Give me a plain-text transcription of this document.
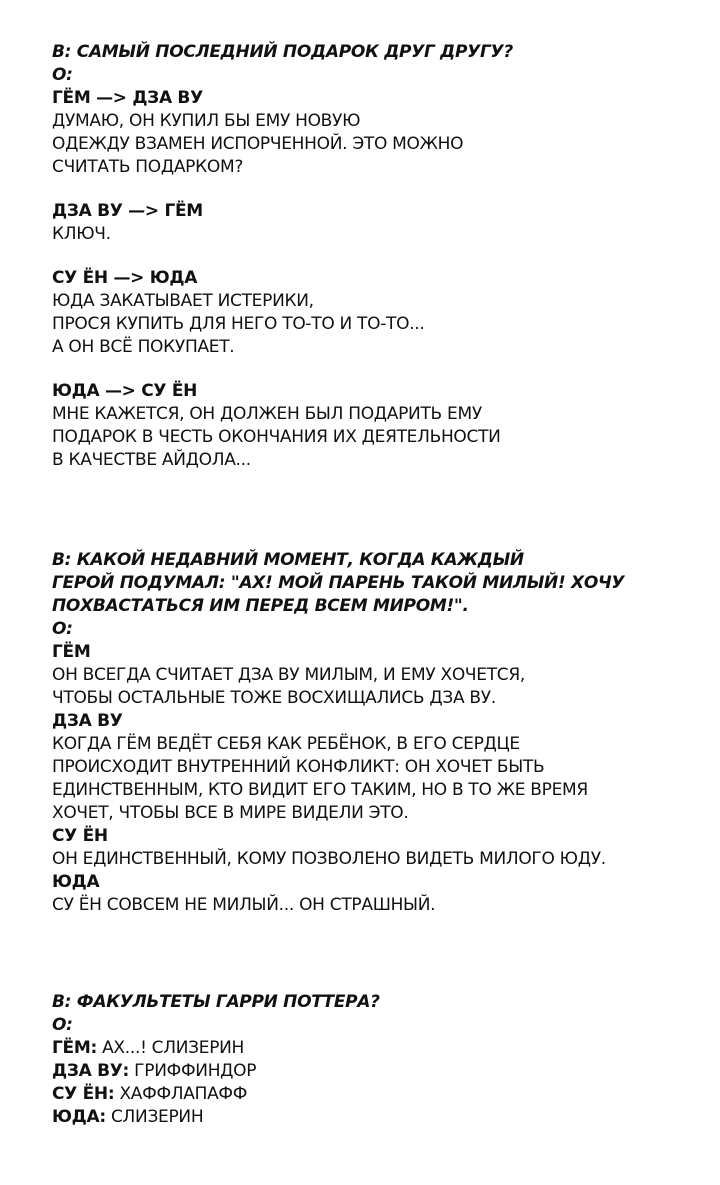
В: САМЫЙ ПОСЛЕДНИЙ ПОДАРОК ДРУГ ДРУГУ?
О:
ГЁМ —> ДЗА ВУ
ДУМАЮ, ОН КУПИЛ БЫ ЕМУ НОВУЮ
ОДЕЖДУ ВЗАМЕН ИСПОРЧЕННОЙ. ЭТО МОЖНО
СЧИТАТЬ ПОДАРКОМ?
ДЗА ВУ —> ГЁМ
КЛЮЧ.
СУ ЁН —> ЮДА
ЮДА ЗАКАТЫВАЕТ ИСТЕРИКИ,
ПРОСЯ КУПИТЬ ДЛЯ НЕГО ТО-ТО И ТО-ТО...
А ОН ВСЁ ПОКУПАЕТ.
ЮДА —> СУ ЁН
МНЕ КАЖЕТСЯ, ОН ДОЛЖЕН БЫЛ ПОДАРИТЬ ЕМУ
ПОДАРОК В ЧЕСТЬ ОКОНЧАНИЯ ИХ ДЕЯТЕЛЬНОСТИ
В КАЧЕСТВЕ АЙДОЛА...
В: КАКОЙ НЕДАВНИЙ МОМЕНТ, КОГДА КАЖДЫЙ
ГЕРОЙ ПОДУМАЛ: "АХ! МОЙ ПАРЕНЬ ТАКОЙ МИЛЫЙ! ХОЧУ
ПОХВАСТАТЬСЯ ИМ ПЕРЕД ВСЕМ МИРОМ!".
О:
ГЁМ
ОН ВСЕГДА СЧИТАЕТ ДЗА ВУ МИЛЫМ, И ЕМУ ХОЧЕТСЯ,
ЧТОБЫ ОСТАЛЬНЫЕ ТОЖЕ ВОСХИЩАЛИСЬ ДЗА ВУ.
ДЗА ВУ
КОГДА ГЁМ ВЕДЁТ СЕБЯ КАК РЕБЁНОК, В ЕГО СЕРДЦЕ
ПРОИСХОДИТ ВНУТРЕННИЙ КОНФЛИКТ: ОН ХОЧЕТ БЫТЬ
ЕДИНСТВЕННЫМ, КТО ВИДИТ ЕГО ТАКИМ, НО В ТО ЖЕ ВРЕМЯ
ХОЧЕТ, ЧТОБЫ ВСЕ В МИРЕ ВИДЕЛИ ЭТО.
СУ ЁН
ОН ЕДИНСТВЕННЫЙ, КОМУ ПОЗВОЛЕНО ВИДЕТЬ МИЛОГО ЮДУ.
ЮДА
СУ ЁН СОВСЕМ НЕ МИЛЫЙ... ОН СТРАШНЫЙ.
В: ФАКУЛЬТЕТЫ ГАРРИ ПОТТЕРА?
О:
ГЁМ: АХ...! СЛИЗЕРИН
ДЗА ВУ: ГРИФФИНДОР
СУ ЁН: ХАФФЛАПАФФ
ЮДА: СЛИЗЕРИН
